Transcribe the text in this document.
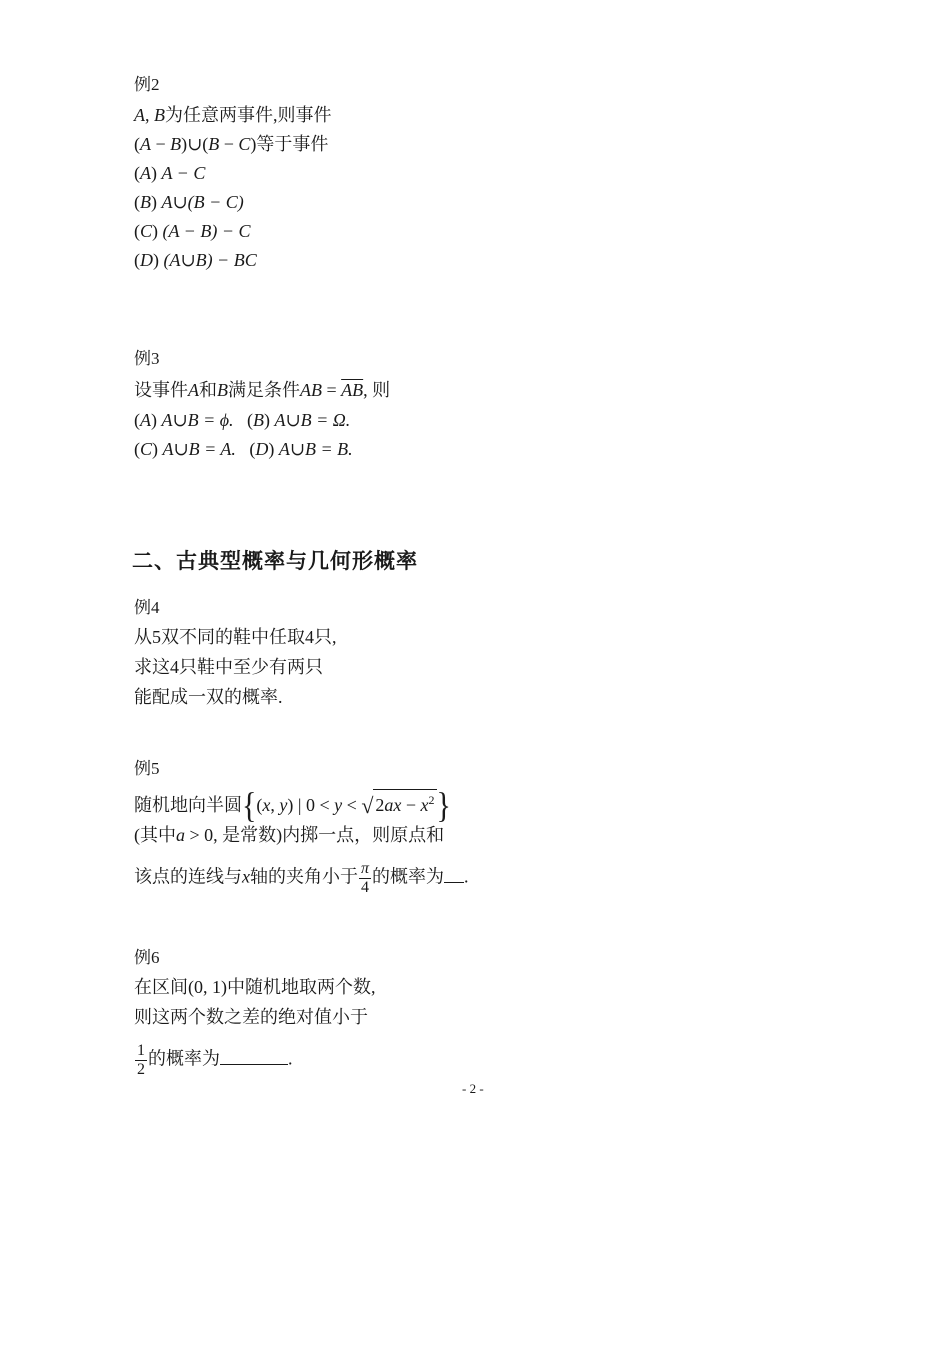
例2
A, B为任意两事件,则事件
(A − B)∪(B − C)等于事件
(A) A − C
(B) A∪(B − C)
(C) (A − B) − C
(D) (A∪B) − BC
例3
设事件A和B满足条件AB = $\overline{AB}$, 则
(A) A∪B = ϕ.   (B) A∪B = Ω.
(C) A∪B = A.   (D) A∪B = B.
二、古典型概率与几何形概率
例4
从5双不同的鞋中任取4只,
求这4只鞋中至少有两只
能配成一双的概率.
例5
随机地向半圆{(x, y) | 0 < y < √ $2ax - x^2$}
(其中a > 0, 是常数)内掷一点，则原点和
该点的连线与x轴的夹角小于 $\frac{\pi}{4}$ 的概率为 .
例6
在区间(0, 1)中随机地取两个数,
则这两个数之差的绝对值小于
$\frac{1}{2}$ 的概率为	.
- 2 -
